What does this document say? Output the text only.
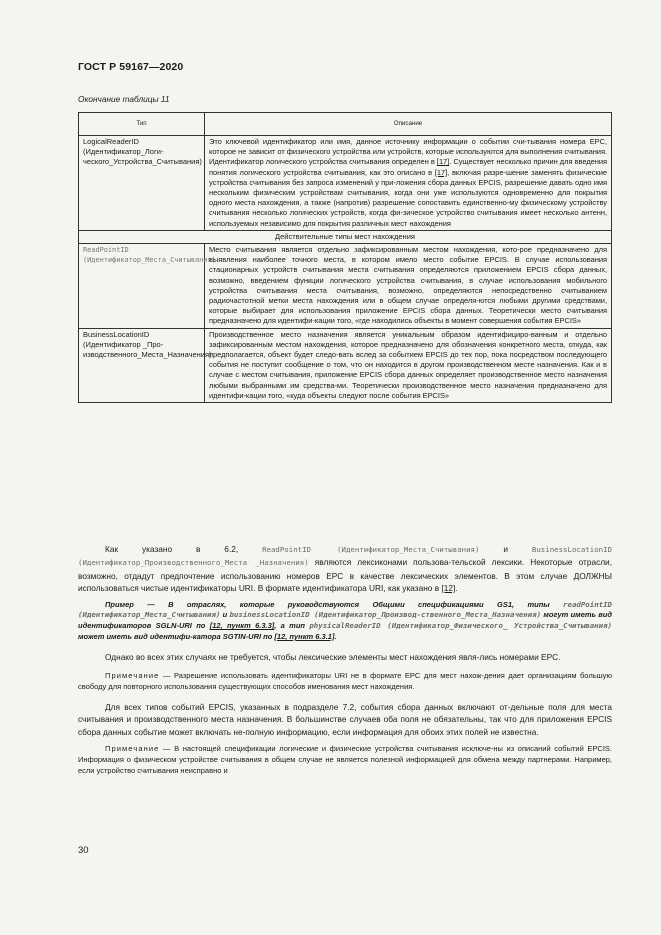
ГОСТ Р 59167—2020
Окончание таблицы 11
Тип	Описание
LogicalReaderID (Идентификатор_Логи-ческого_Устройства_Считывания)	Это ключевой идентификатор или имя, данное источнику информации о событии счи-тывания номера EPC, которое не зависит от физического устройства или устройств, которые используются для выполнения считывания. Идентификатор логического устройства считывания определен в [17]. Существует несколько причин для введения понятия логического устройства считывания, как это описано в [17], включая разре-шение заменять физические устройства считывания без запроса изменений у при-ложения сбора данных EPCIS, разрешение давать одно имя нескольким физическим устройствам считывания, когда они уже используются одновременно для покрытия одного места нахождения, а также (напротив) разрешение сопоставить единственно-му физическому устройству считывания несколько логических устройств, когда фи-зическое устройство считывания имеет несколько антенн, используемых независимо для покрытия различных мест нахождения
Действительные типы мест нахождения	
ReadPointID (Идентификатор_Места_Считывания)	Место считывания является отдельно зафиксированным местом нахождения, кото-рое предназначено для выявления наиболее точного места, в котором имело место событие EPCIS. В случае использования стационарных устройств считывания места считывания определяются приложением EPCIS сбора данных, возможно, введением функции логического устройства считывания, в случае использования мобильного устройства считывания места считывания, возможно, определяются непосредственно считыванием радиочастотной метки места нахождения или в общем случае определя-ются любыми другими средствами, которые выбирает для использования приложение EPCIS сбора данных. Теоретически место считывания предназначено для идентифи-кации того, «где находились объекты в момент совершения события EPCIS»
BusinessLocationID (Идентификатор _Про-изводственного_Места_Назначения)	Производственное место назначения является уникальным образом идентифициро-ванным и отдельно зафиксированным местом нахождения, которое предназначено для обозначения конкретного места, откуда, как предполагается, объект будет следо-вать вслед за событием EPCIS до тех пор, пока посредством последующего события не поступит сообщение о том, что он находится в другом производственном месте назначения. Как и в случае с местом считывания, приложение EPCIS сбора данных определяет производственное место назначения любыми выбранными им средства-ми. Теоретически производственное место назначения предназначено для идентифи-кации того, «куда объекты следуют после события EPCIS»

Как указано в 6.2, ReadPointID (Идентификатор_Места_Считывания) и BusinessLocationID (Идентификатор_Производственного_Места _Назначения) являются лексиконами пользова-тельской лексики. Некоторые отрасли, возможно, отдадут предпочтение использованию номеров EPC в качестве лексических элементов. В этом случае ДОЛЖНЫ использоваться чистые идентификаторы URI. В формате идентификатора URI, как указано в [12].

Пример — В отраслях, которые руководствуются Общими спецификациями GS1, типы readPointID (Идентификатор_Места_Считывания) и businessLocationID (Идентификатор_Производ-ственного_Места_Назначения) могут иметь вид идентификаторов SGLN-URI по [12, пункт 6.3.3], а тип physicalReaderID (Идентификатор_Физического_ Устройства_Считывания) может иметь вид идентифи-катора SGTIN-URI по [12, пункт 6.3.1].

Однако во всех этих случаях не требуется, чтобы лексические элементы мест нахождения явля-лись номерами EPC.

Примечание — Разрешение использовать идентификаторы URI не в формате EPC для мест нахож-дения дает организациям большую свободу для повторного использования существующих способов именования мест нахождения.

Для всех типов событий EPCIS, указанных в подразделе 7.2, события сбора данных включают от-дельные поля для места считывания и производственного места назначения. В большинстве случаев оба поля не обязательны, так что для приложения EPCIS сбора данных событие может включать не-полную информацию, если информация для обоих этих полей не известна.

Примечание — В настоящей спецификации логические и физические устройства считывания исключе-ны из описаний событий EPCIS. Информация о физическом устройстве считывания в общем случае не является полезной информацией для обмена между партнерами. Например, если устройство считывания неисправно и

30
